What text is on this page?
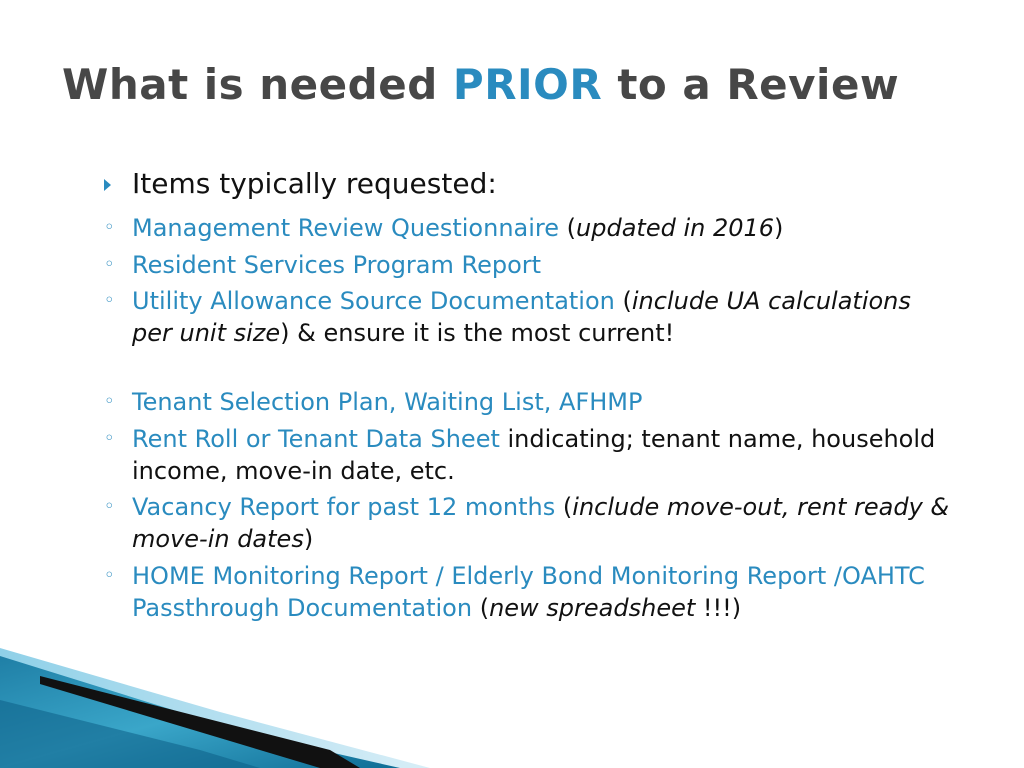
What is needed PRIOR to a Review
Items typically requested:
◦ Management Review Questionnaire (updated in 2016)
◦ Resident Services Program Report
◦ Utility Allowance Source Documentation (include UA calculations per unit size) & ensure it is the most current!
◦ Tenant Selection Plan, Waiting List, AFHMP
◦ Rent Roll or Tenant Data Sheet indicating; tenant name, household income, move-in date, etc.
◦ Vacancy Report for past 12 months (include move-out, rent ready & move-in dates)
◦ HOME Monitoring Report / Elderly Bond Monitoring Report /OAHTC Passthrough Documentation (new spreadsheet !!!)
